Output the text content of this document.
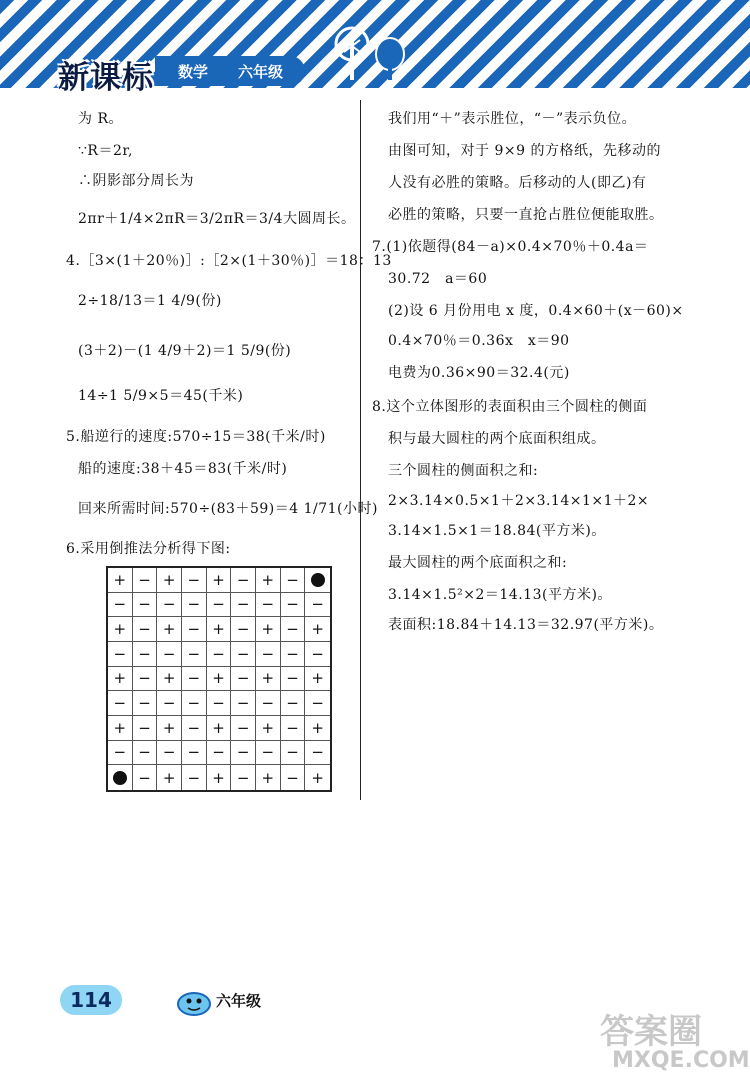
新课标 数学 六年级
为 R。
∵R＝2r,
∴阴影部分周长为
2πr＋1/4×2πR＝3/2πR＝3/4大圆周长。
4.［3×(1＋20％)］:［2×(1＋30％)］＝18：13
2÷18/13＝1 4/9(份)
(3＋2)－(1 4/9＋2)＝1 5/9(份)
14÷1 5/9×5＝45(千米)
5.船逆行的速度:570÷15＝38(千米/时)
船的速度:38＋45＝83(千米/时)
回来所需时间:570÷(83＋59)＝4 1/71(小时)
6.采用倒推法分析得下图:
+ − + − + − + −
− − − − − − − − −
+ − + − + − + − +
− − − − − − − − −
+ − + − + − + − +
− − − − − − − − −
+ − + − + − + − +
− − − − − − − − −
− + − + − + − +
我们用“＋”表示胜位，“－”表示负位。
由图可知，对于 9×9 的方格纸，先移动的
人没有必胜的策略。后移动的人(即乙)有
必胜的策略，只要一直抢占胜位便能取胜。
7.(1)依题得(84－a)×0.4×70％＋0.4a＝
30.72　a＝60
(2)设 6 月份用电 x 度，0.4×60＋(x－60)×
0.4×70％＝0.36x　x＝90
电费为0.36×90＝32.4(元)
8.这个立体图形的表面积由三个圆柱的侧面
积与最大圆柱的两个底面积组成。
三个圆柱的侧面积之和:
2×3.14×0.5×1＋2×3.14×1×1＋2×
3.14×1.5×1＝18.84(平方米)。
最大圆柱的两个底面积之和:
3.14×1.5²×2＝14.13(平方米)。
表面积:18.84＋14.13＝32.97(平方米)。
114	六年级
答案圈
MXQE.COM
